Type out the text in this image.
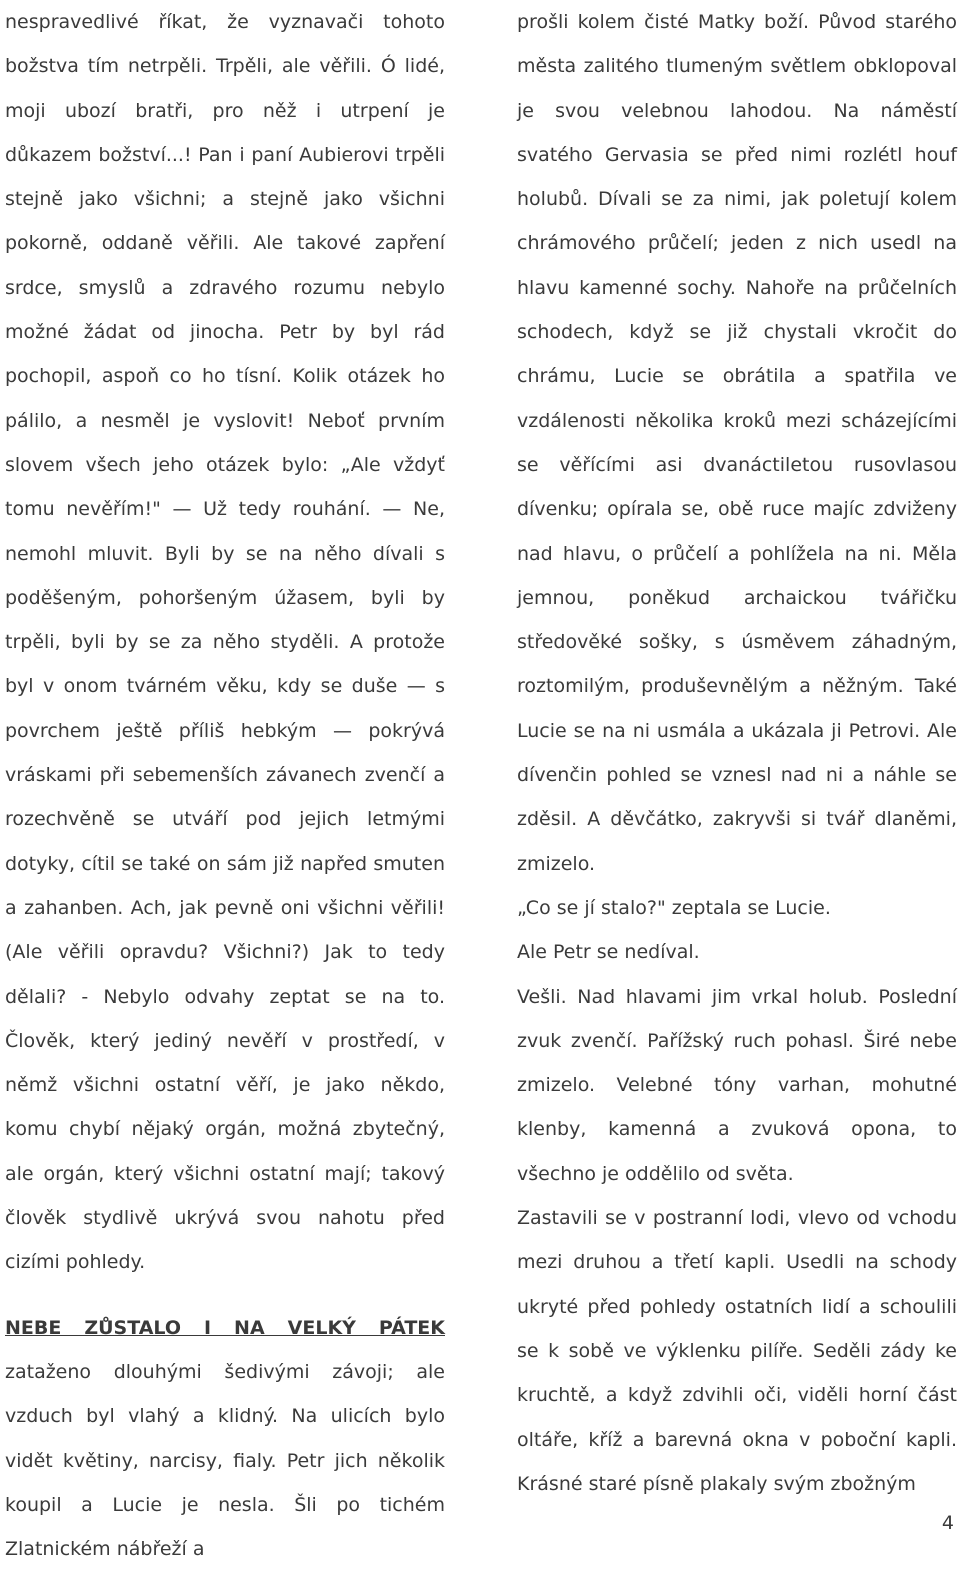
nespravedlivé říkat, že vyznavači tohoto božstva tím netrpěli. Trpěli, ale věřili. Ó lidé, moji ubozí bratři, pro něž i utrpení je důkazem božství...! Pan i paní Aubierovi trpěli stejně jako všichni; a stejně jako všichni pokorně, oddaně věřili. Ale takové zapření srdce, smyslů a zdravého rozumu nebylo možné žádat od jinocha. Petr by byl rád pochopil, aspoň co ho tísní. Kolik otázek ho pálilo, a nesměl je vyslovit! Neboť prvním slovem všech jeho otázek bylo: „Ale vždyť tomu nevěřím!" — Už tedy rouhání. — Ne, nemohl mluvit. Byli by se na něho dívali s poděšeným, pohoršeným úžasem, byli by trpěli, byli by se za něho styděli. A protože byl v onom tvárném věku, kdy se duše — s povrchem ještě příliš hebkým — pokrývá vráskami při sebemenších závanech zvenčí a rozechvěně se utváří pod jejich letmými dotyky, cítil se také on sám již napřed smuten a zahanben. Ach, jak pevně oni všichni věřili! (Ale věřili opravdu? Všichni?) Jak to tedy dělali? - Nebylo odvahy zeptat se na to. Člověk, který jediný nevěří v prostředí, v němž všichni ostatní věří, je jako někdo, komu chybí nějaký orgán, možná zbytečný, ale orgán, který všichni ostatní mají; takový člověk stydlivě ukrývá svou nahotu před cizími pohledy.

NEBE ZŮSTALO I NA VELKÝ PÁTEK zataženo dlouhými šedivými závoji; ale vzduch byl vlahý a klidný. Na ulicích bylo vidět květiny, narcisy, fialy. Petr jich několik koupil a Lucie je nesla. Šli po tichém Zlatnickém nábřeží a

prošli kolem čisté Matky boží. Původ starého města zalitého tlumeným světlem obklopoval je svou velebnou lahodou. Na náměstí svatého Gervasia se před nimi rozlétl houf holubů. Dívali se za nimi, jak poletují kolem chrámového průčelí; jeden z nich usedl na hlavu kamenné sochy. Nahoře na průčelních schodech, když se již chystali vkročit do chrámu, Lucie se obrátila a spatřila ve vzdálenosti několika kroků mezi scházejícími se věřícími asi dvanáctiletou rusovlasou dívenku; opírala se, obě ruce majíc zdviženy nad hlavu, o průčelí a pohlížela na ni. Měla jemnou, poněkud archaickou tvářičku středověké sošky, s úsměvem záhadným, roztomilým, produševnělým a něžným. Také Lucie se na ni usmála a ukázala ji Petrovi. Ale dívenčin pohled se vznesl nad ni a náhle se zděsil. A děvčátko, zakryvši si tvář dlaněmi, zmizelo.

„Co se jí stalo?" zeptala se Lucie.

Ale Petr se nedíval.

Vešli. Nad hlavami jim vrkal holub. Poslední zvuk zvenčí. Pařížský ruch pohasl. Širé nebe zmizelo. Velebné tóny varhan, mohutné klenby, kamenná a zvuková opona, to všechno je oddělilo od světa.

Zastavili se v postranní lodi, vlevo od vchodu mezi druhou a třetí kapli. Usedli na schody ukryté před pohledy ostatních lidí a schoulili se k sobě ve výklenku pilíře. Seděli zády ke kruchtě, a když zdvihli oči, viděli horní část oltáře, kříž a barevná okna v poboční kapli. Krásné staré písně plakaly svým zbožným

4
